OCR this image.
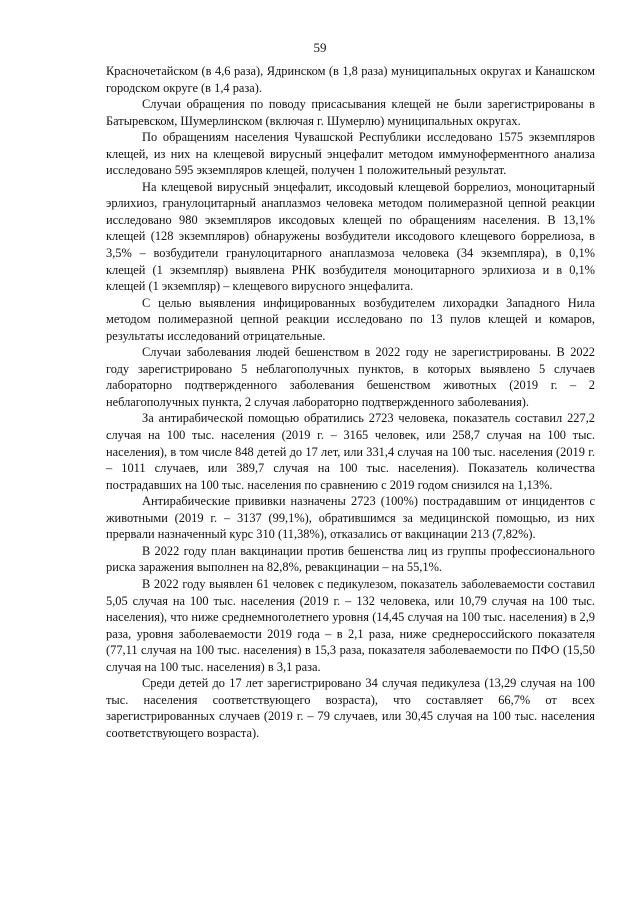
59

Красночетайском (в 4,6 раза), Ядринском (в 1,8 раза) муниципальных округах и Канашском городском округе (в 1,4 раза).

Случаи обращения по поводу присасывания клещей не были зарегистрированы в Батыревском, Шумерлинском (включая г. Шумерлю) муниципальных округах.

По обращениям населения Чувашской Республики исследовано 1575 экземпляров клещей, из них на клещевой вирусный энцефалит методом иммуноферментного анализа исследовано 595 экземпляров клещей, получен 1 положительный результат.

На клещевой вирусный энцефалит, иксодовый клещевой боррелиоз, моноцитарный эрлихиоз, гранулоцитарный анаплазмоз человека методом полимеразной цепной реакции исследовано 980 экземпляров иксодовых клещей по обращениям населения. В 13,1% клещей (128 экземпляров) обнаружены возбудители иксодового клещевого боррелиоза, в 3,5% – возбудители гранулоцитарного анаплазмоза человека (34 экземпляра), в 0,1% клещей (1 экземпляр) выявлена РНК возбудителя моноцитарного эрлихиоза и в 0,1% клещей (1 экземпляр) – клещевого вирусного энцефалита.

С целью выявления инфицированных возбудителем лихорадки Западного Нила методом полимеразной цепной реакции исследовано по 13 пулов клещей и комаров, результаты исследований отрицательные.

Случаи заболевания людей бешенством в 2022 году не зарегистрированы. В 2022 году зарегистрировано 5 неблагополучных пунктов, в которых выявлено 5 случаев лабораторно подтвержденного заболевания бешенством животных (2019 г. – 2 неблагополучных пункта, 2 случая лабораторно подтвержденного заболевания).

За антирабической помощью обратились 2723 человека, показатель составил 227,2 случая на 100 тыс. населения (2019 г. – 3165 человек, или 258,7 случая на 100 тыс. населения), в том числе 848 детей до 17 лет, или 331,4 случая на 100 тыс. населения (2019 г. – 1011 случаев, или 389,7 случая на 100 тыс. населения). Показатель количества пострадавших на 100 тыс. населения по сравнению с 2019 годом снизился на 1,13%.

Антирабические прививки назначены 2723 (100%) пострадавшим от инцидентов с животными (2019 г. – 3137 (99,1%), обратившимся за медицинской помощью, из них прервали назначенный курс 310 (11,38%), отказались от вакцинации 213 (7,82%).

В 2022 году план вакцинации против бешенства лиц из группы профессионального риска заражения выполнен на 82,8%, ревакцинации – на 55,1%.

В 2022 году выявлен 61 человек с педикулезом, показатель заболеваемости составил 5,05 случая на 100 тыс. населения (2019 г. – 132 человека, или 10,79 случая на 100 тыс. населения), что ниже среднемноголетнего уровня (14,45 случая на 100 тыс. населения) в 2,9 раза, уровня заболеваемости 2019 года – в 2,1 раза, ниже среднероссийского показателя (77,11 случая на 100 тыс. населения) в 15,3 раза, показателя заболеваемости по ПФО (15,50 случая на 100 тыс. населения) в 3,1 раза.

Среди детей до 17 лет зарегистрировано 34 случая педикулеза (13,29 случая на 100 тыс. населения соответствующего возраста), что составляет 66,7% от всех зарегистрированных случаев (2019 г. – 79 случаев, или 30,45 случая на 100 тыс. населения соответствующего возраста).
